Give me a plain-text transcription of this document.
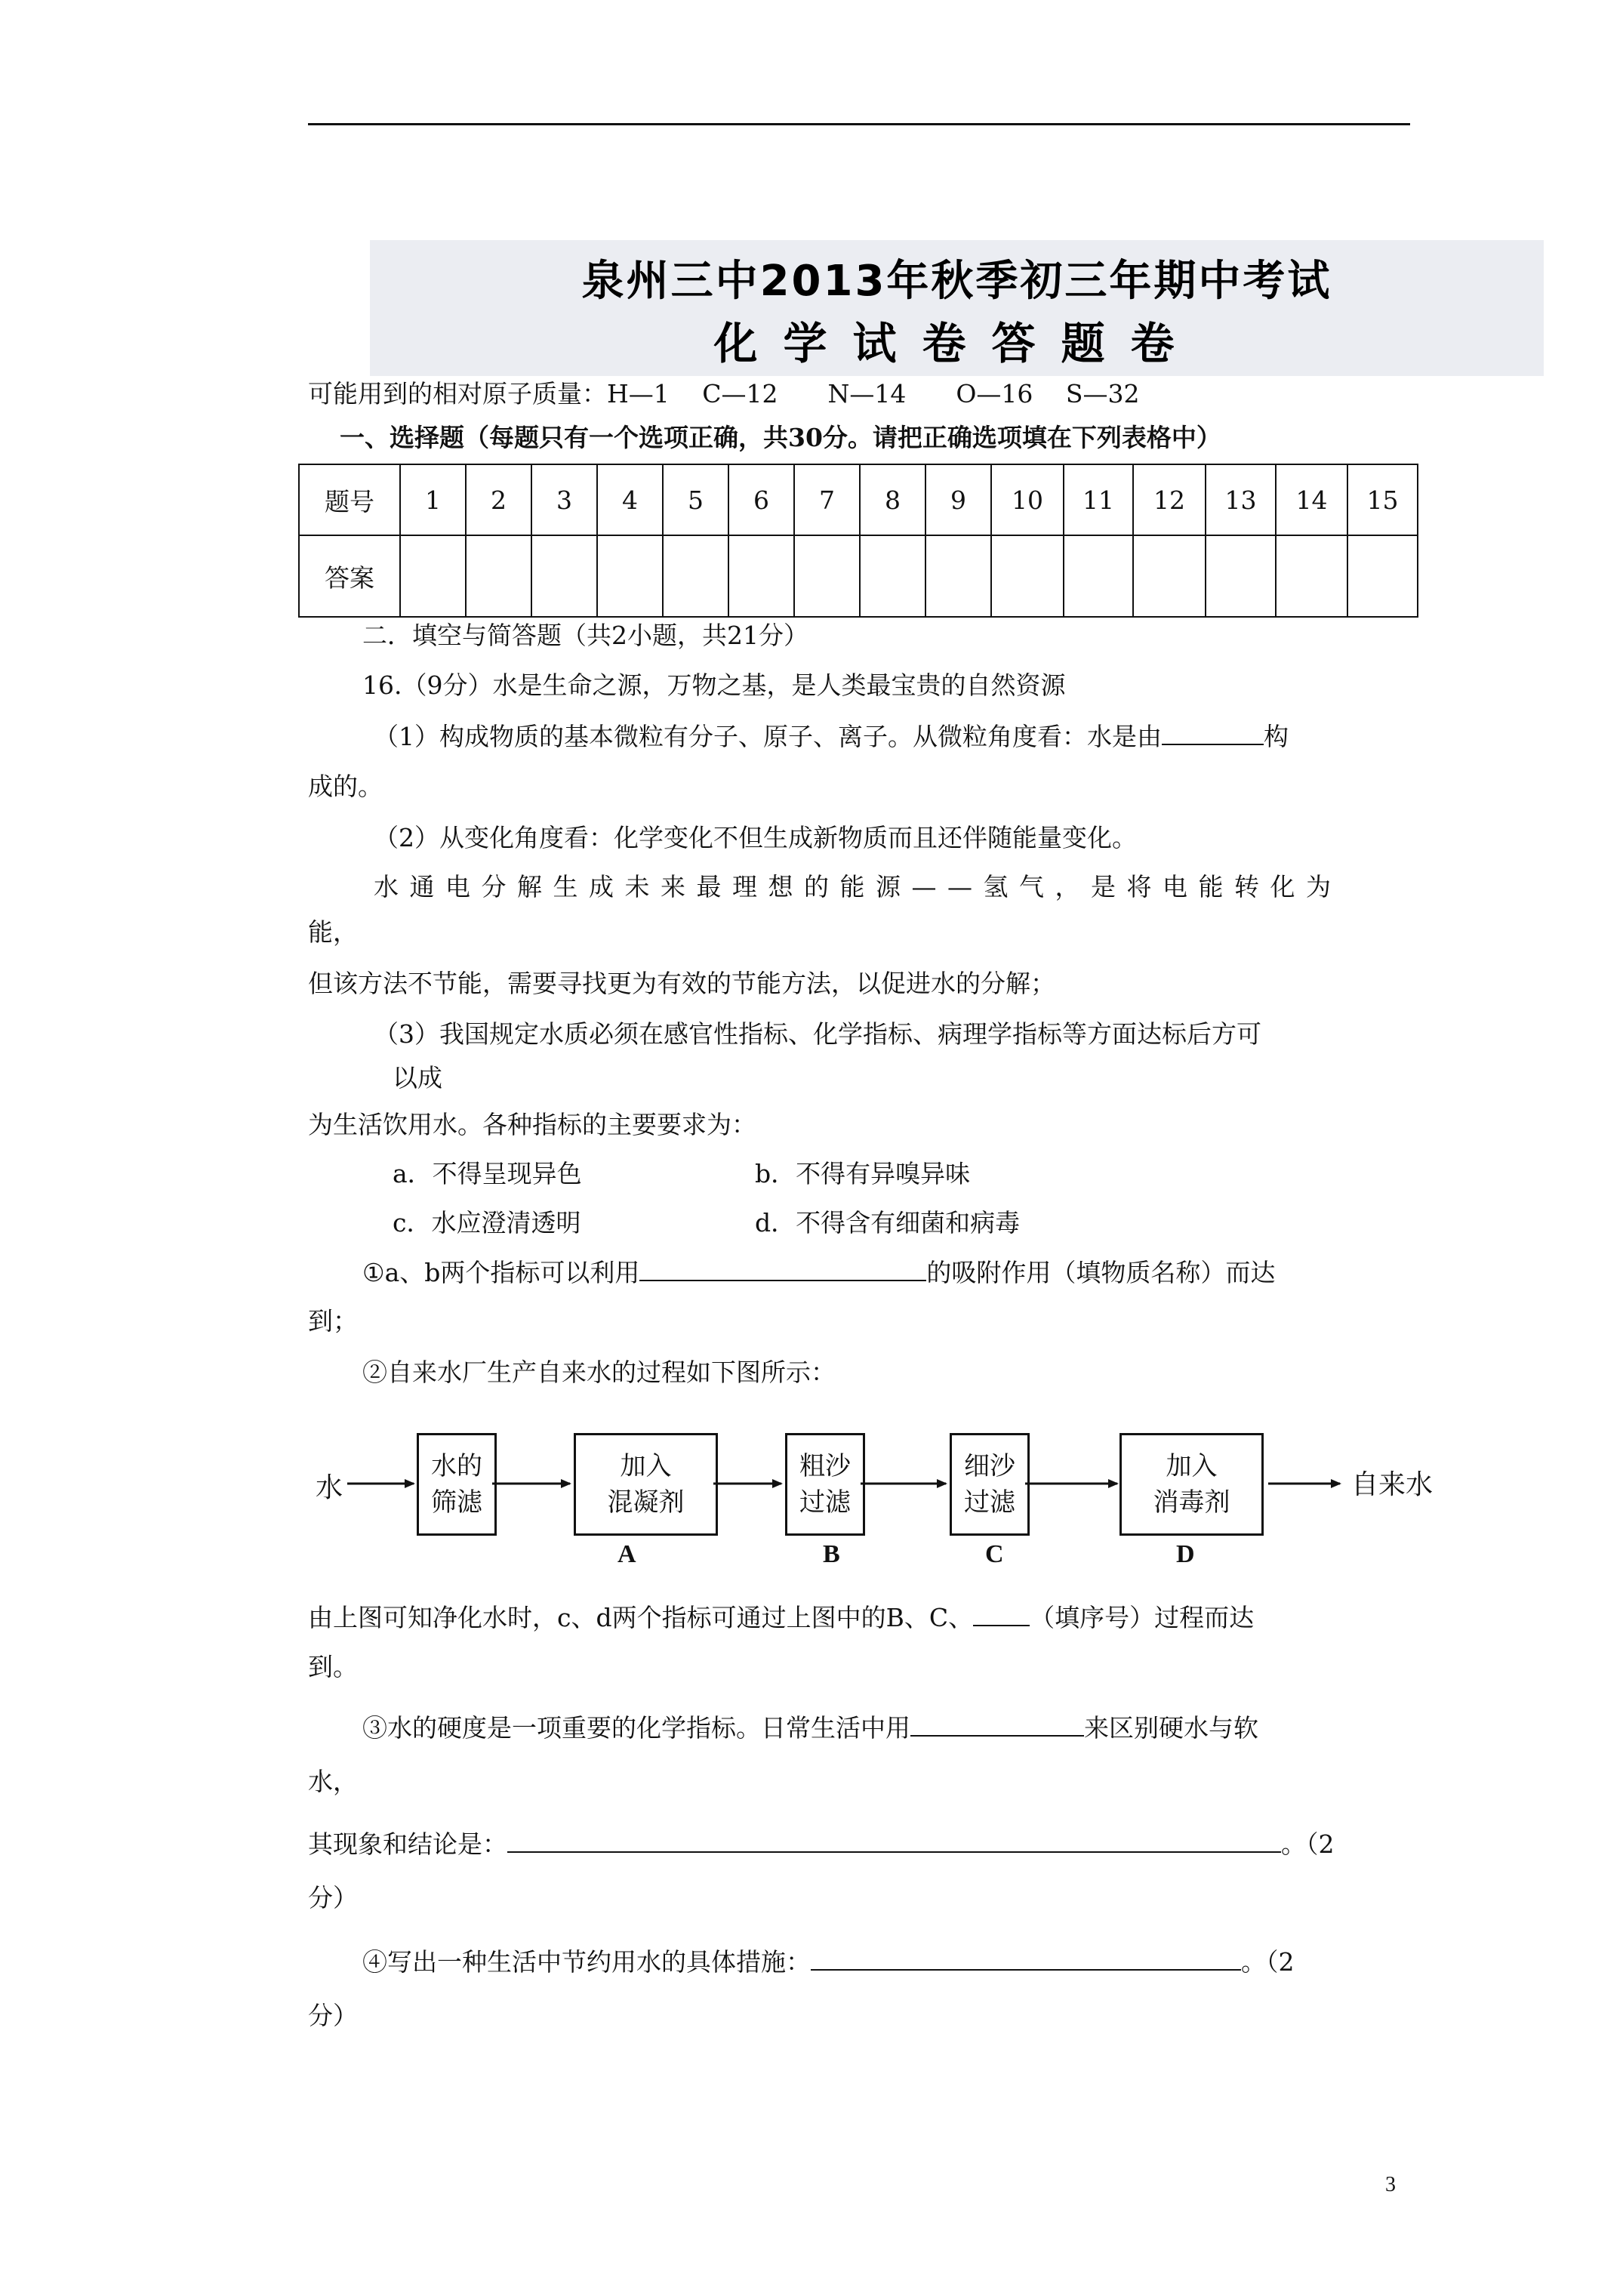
泉州三中2013年秋季初三年期中考试
化学试卷答题卷
可能用到的相对原子质量：H—1　 C—12　　N—14　　O—16　 S—32
一、选择题（每题只有一个选项正确，共30分。请把正确选项填在下列表格中）
题号	1	2	3	4	5	6	7	8	9	10	11	12	13	14	15
答案															
二．填空与简答题（共2小题，共21分）
16.（9分）水是生命之源，万物之基，是人类最宝贵的自然资源
（1）构成物质的基本微粒有分子、原子、离子。从微粒角度看：水是由	构
成的。
（2）从变化角度看：化学变化不但生成新物质而且还伴随能量变化。
水通电分解生成未来最理想的能源——氢气，是将电能转化为
能，
但该方法不节能，需要寻找更为有效的节能方法，以促进水的分解；
（3）我国规定水质必须在感官性指标、化学指标、病理学指标等方面达标后方可
以成
为生活饮用水。各种指标的主要要求为：
a．不得呈现异色	b．不得有异嗅异味
c．水应澄清透明	d．不得含有细菌和病毒
①a、b两个指标可以利用	的吸附作用（填物质名称）而达
到；
②自来水厂生产自来水的过程如下图所示：
水
水的
筛滤
加入
混凝剂
粗沙
过滤
细沙
过滤
加入
消毒剂
自来水
A	B	C	D
由上图可知净化水时，c、d两个指标可通过上图中的B、C、 （填序号）过程而达
到。
③水的硬度是一项重要的化学指标。日常生活中用	来区别硬水与软
水，
其现象和结论是：	。（2
分）
④写出一种生活中节约用水的具体措施：	。（2
分）
3
